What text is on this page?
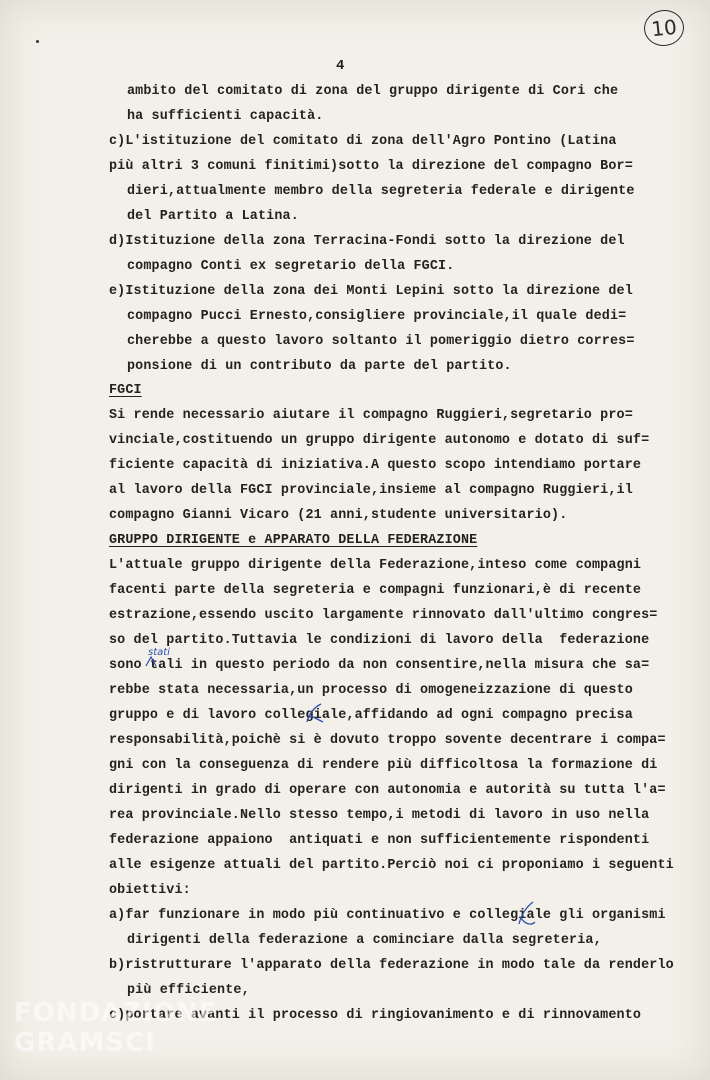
10
4
ambito del comitato di zona del gruppo dirigente di Cori che
ha sufficienti capacità.
c)L'istituzione del comitato di zona dell'Agro Pontino (Latina
più altri 3 comuni finitimi)sotto la direzione del compagno Bor=
dieri,attualmente membro della segreteria federale e dirigente
del Partito a Latina.
d)Istituzione della zona Terracina-Fondi sotto la direzione del
compagno Conti ex segretario della FGCI.
e)Istituzione della zona dei Monti Lepini sotto la direzione del
compagno Pucci Ernesto,consigliere provinciale,il quale dedi=
cherebbe a questo lavoro soltanto il pomeriggio dietro corres=
ponsione di un contributo da parte del partito.
FGCI
Si rende necessario aiutare il compagno Ruggieri,segretario pro=
vinciale,costituendo un gruppo dirigente autonomo e dotato di suf=
ficiente capacità di iniziativa.A questo scopo intendiamo portare
al lavoro della FGCI provinciale,insieme al compagno Ruggieri,il
compagno Gianni Vicaro (21 anni,studente universitario).
GRUPPO DIRIGENTE e APPARATO DELLA FEDERAZIONE
L'attuale gruppo dirigente della Federazione,inteso come compagni
facenti parte della segreteria e compagni funzionari,è di recente
estrazione,essendo uscito largamente rinnovato dall'ultimo congres=
so del partito.Tuttavia le condizioni di lavoro della  federazione
sono tali in questo periodo da non consentire,nella misura che sa=
rebbe stata necessaria,un processo di omogeneizzazione di questo
gruppo e di lavoro collegiale,affidando ad ogni compagno precisa
responsabilità,poichè si è dovuto troppo sovente decentrare i compa=
gni con la conseguenza di rendere più difficoltosa la formazione di
dirigenti in grado di operare con autonomia e autorità su tutta l'a=
rea provinciale.Nello stesso tempo,i metodi di lavoro in uso nella
federazione appaiono  antiquati e non sufficientemente rispondenti
alle esigenze attuali del partito.Perciò noi ci proponiamo i seguenti
obiettivi:
a)far funzionare in modo più continuativo e collegiale gli organismi
dirigenti della federazione a cominciare dalla segreteria,
b)ristrutturare l'apparato della federazione in modo tale da renderlo
più efficiente,
c)portare avanti il processo di ringiovanimento e di rinnovamento
stati
FONDAZIONE
GRAMSCI
